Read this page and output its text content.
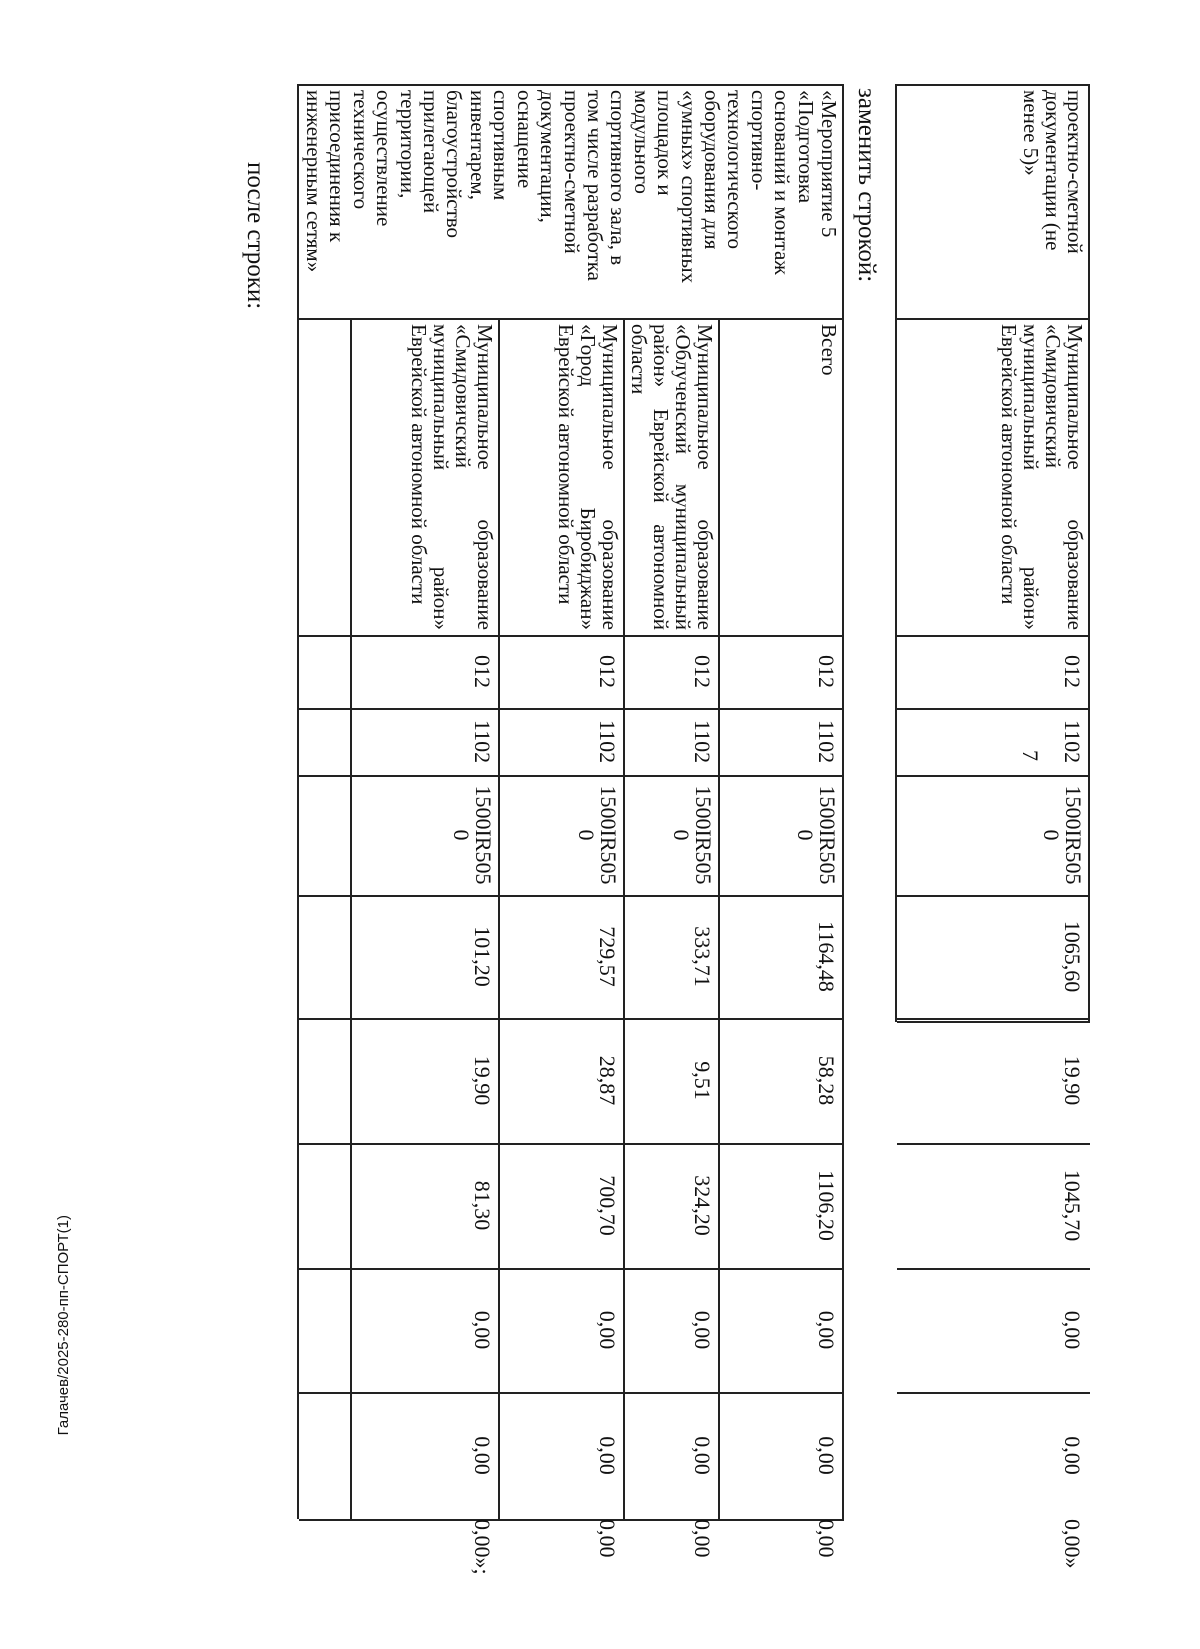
7
заменить строкой:
после строки:
Галачев/2025-280-пп-СПОРТ(1)
проектно-сметной
документации (не
менее 5)»
Муниципальное образование
«Смидовичский
муниципальный район»
Еврейской автономной области
012
1102
1500IR505
0
1065,60
19,90
1045,70
0,00
0,00
0,00»
«Мероприятие 5
«Подготовка
оснований и монтаж
спортивно-
технологического
оборудования для
«умных» спортивных
площадок и
модульного
спортивного зала, в
том числе разработка
проектно-сметной
документации,
оснащение
спортивным
инвентарем,
благоустройство
прилегающей
территории,
осуществление
технического
присоединения к
инженерным сетям»
Всего
012
1102
1500IR505
0
1164,48
58,28
1106,20
0,00
0,00
0,00
Муниципальное образование
«Облученский муниципальный
район» Еврейской автономной
области
012
1102
1500IR505
0
333,71
9,51
324,20
0,00
0,00
0,00
Муниципальное образование
«Город Биробиджан»
Еврейской автономной области
012
1102
1500IR505
0
729,57
28,87
700,70
0,00
0,00
0,00
Муниципальное образование
«Смидовичский
муниципальный район»
Еврейской автономной области
012
1102
1500IR505
0
101,20
19,90
81,30
0,00
0,00
0,00»;
